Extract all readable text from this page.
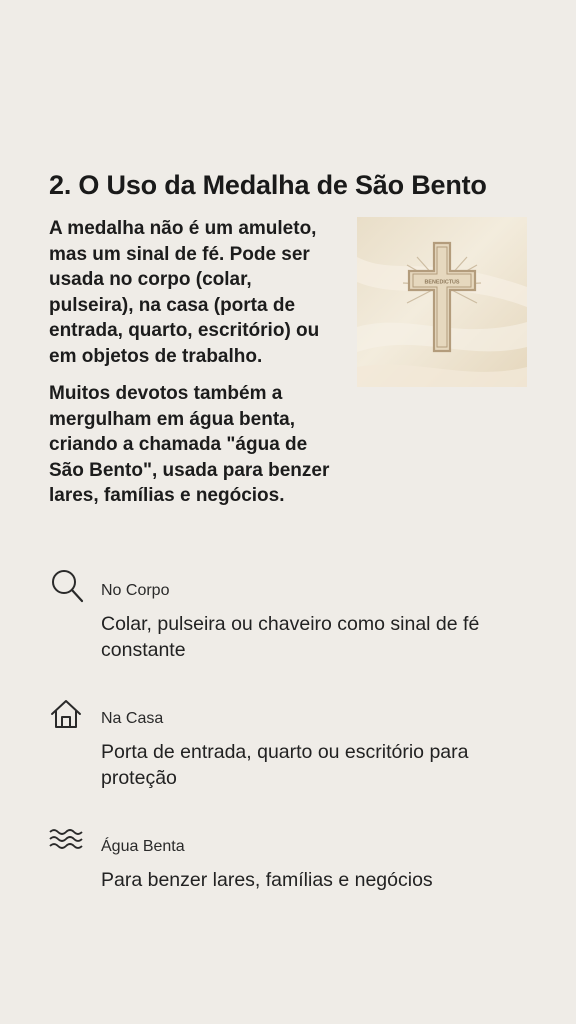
2. O Uso da Medalha de São Bento

A medalha não é um amuleto, mas um sinal de fé. Pode ser usada no corpo (colar, pulseira), na casa (porta de entrada, quarto, escritório) ou em objetos de trabalho.

Muitos devotos também a mergulham em água benta, criando a chamada "água de São Bento", usada para benzer lares, famílias e negócios.

BENEDICTUS
No Corpo
Colar, pulseira ou chaveiro como sinal de fé constante
Na Casa
Porta de entrada, quarto ou escritório para proteção
Água Benta
Para benzer lares, famílias e negócios
